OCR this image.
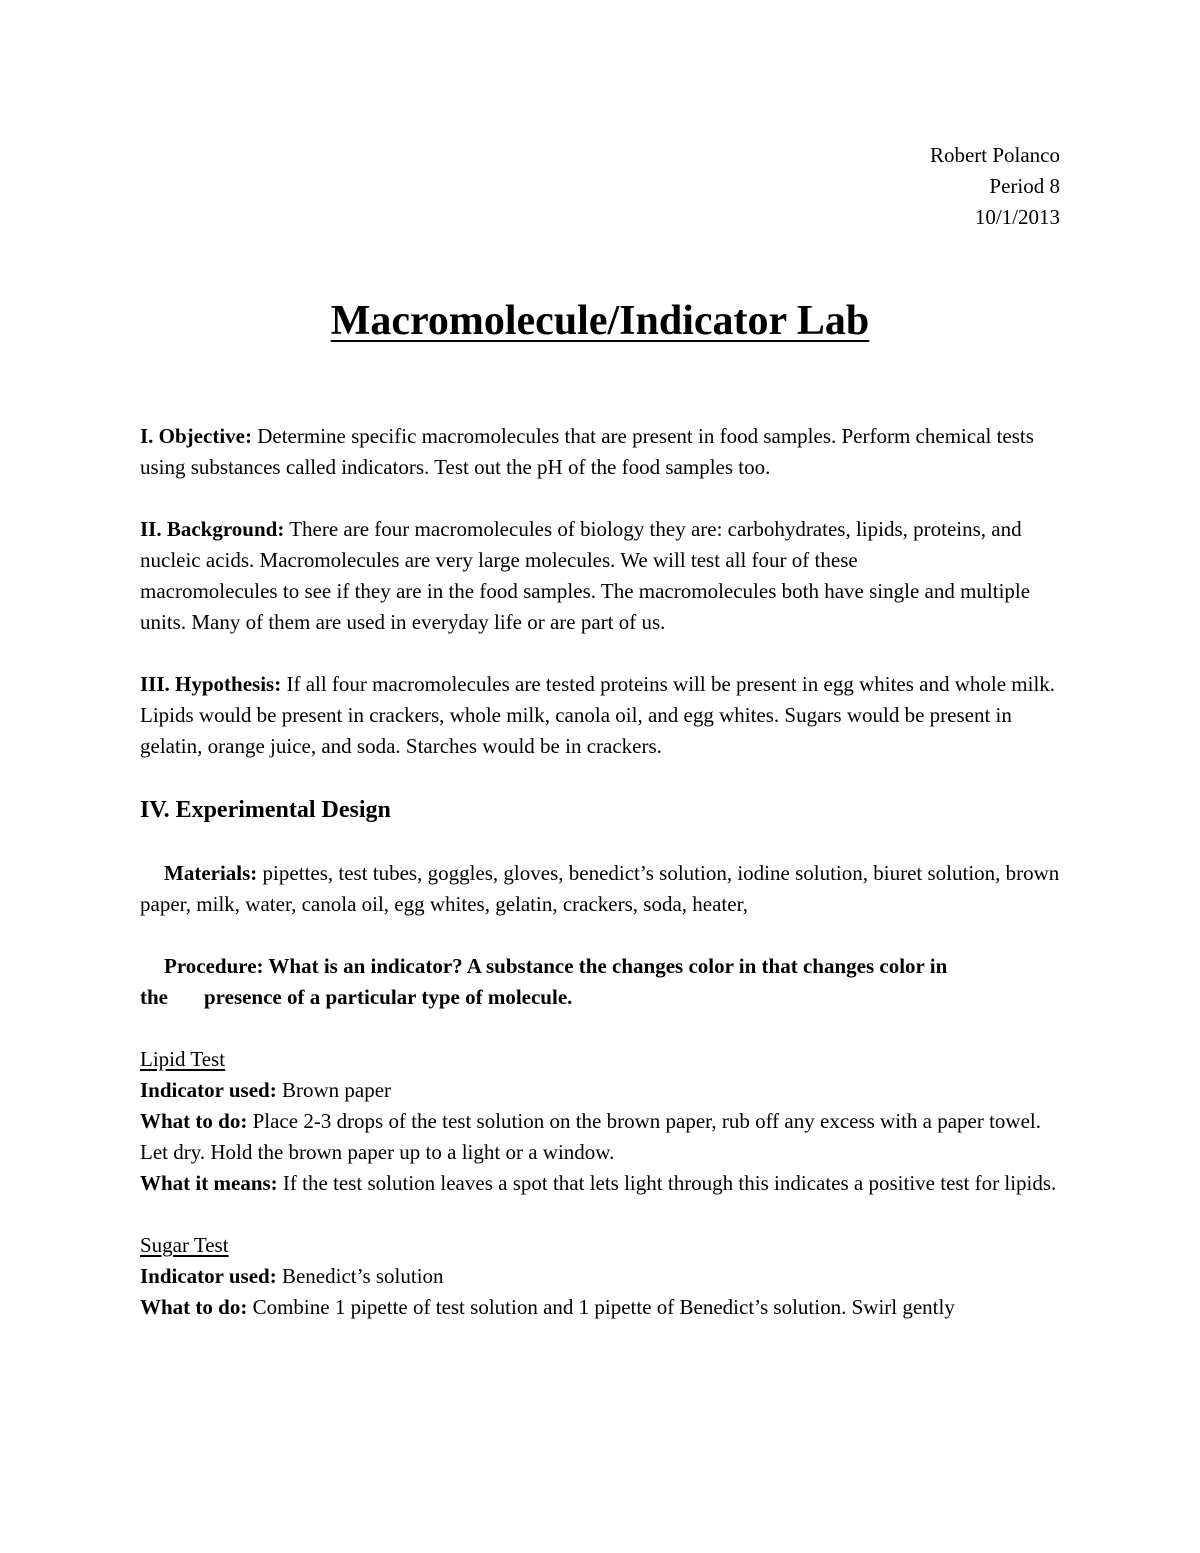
Robert Polanco
Period 8
10/1/2013
Macromolecule/Indicator Lab

I. Objective: Determine specific macromolecules that are present in food samples. Perform chemical tests using substances called indicators. Test out the pH of the food samples too.

II. Background: There are four macromolecules of biology they are: carbohydrates, lipids, proteins, and nucleic acids. Macromolecules are very large molecules. We will test all four of these
macromolecules to see if they are in the food samples. The macromolecules both have single and multiple units. Many of them are used in everyday life or are part of us.

III. Hypothesis: If all four macromolecules are tested proteins will be present in egg whites and whole milk. Lipids would be present in crackers, whole milk, canola oil, and egg whites. Sugars would be present in gelatin, orange juice, and soda. Starches would be in crackers.

IV. Experimental Design

Materials: pipettes, test tubes, goggles, gloves, benedict’s solution, iodine solution, biuret solution, brown paper, milk, water, canola oil, egg whites, gelatin, crackers, soda, heater,

Procedure: What is an indicator? A substance the changes color in that changes color in
the presence of a particular type of molecule.

Lipid Test
Indicator used: Brown paper
What to do: Place 2-3 drops of the test solution on the brown paper, rub off any excess with a paper towel. Let dry. Hold the brown paper up to a light or a window.
What it means: If the test solution leaves a spot that lets light through this indicates a positive test for lipids.
Sugar Test
Indicator used: Benedict’s solution
What to do: Combine 1 pipette of test solution and 1 pipette of Benedict’s solution. Swirl gently
